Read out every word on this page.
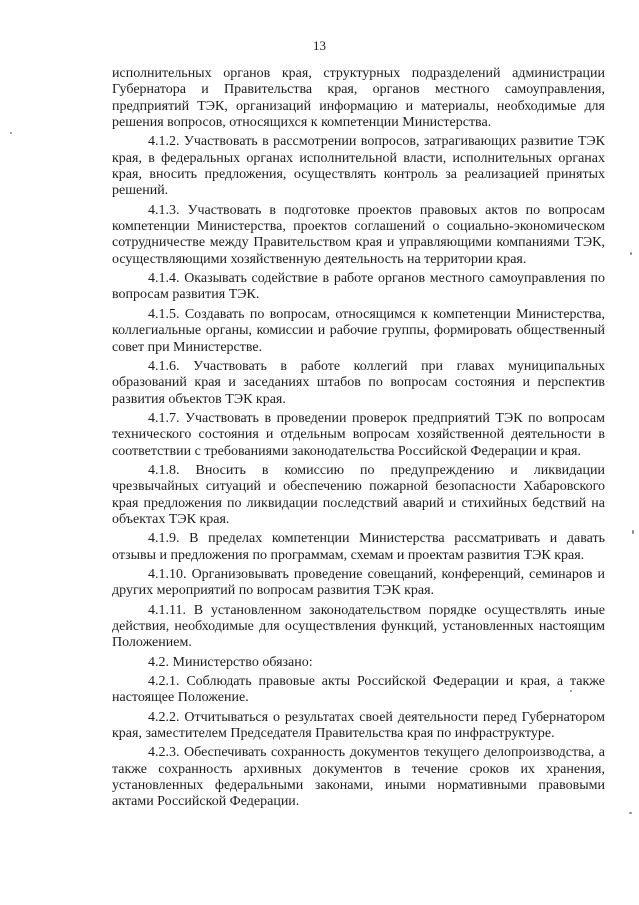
13

исполнительных органов края, структурных подразделений администрации Губернатора и Правительства края, органов местного самоуправления, предприятий ТЭК, организаций информацию и материалы, необходимые для решения вопросов, относящихся к компетенции Министерства.

4.1.2. Участвовать в рассмотрении вопросов, затрагивающих развитие ТЭК края, в федеральных органах исполнительной власти, исполнительных органах края, вносить предложения, осуществлять контроль за реализацией принятых решений.

4.1.3. Участвовать в подготовке проектов правовых актов по вопросам компетенции Министерства, проектов соглашений о социально-экономическом сотрудничестве между Правительством края и управляющими компаниями ТЭК, осуществляющими хозяйственную деятельность на территории края.

4.1.4. Оказывать содействие в работе органов местного самоуправления по вопросам развития ТЭК.

4.1.5. Создавать по вопросам, относящимся к компетенции Министерства, коллегиальные органы, комиссии и рабочие группы, формировать общественный совет при Министерстве.

4.1.6. Участвовать в работе коллегий при главах муниципальных образований края и заседаниях штабов по вопросам состояния и перспектив развития объектов ТЭК края.

4.1.7. Участвовать в проведении проверок предприятий ТЭК по вопросам технического состояния и отдельным вопросам хозяйственной деятельности в соответствии с требованиями законодательства Российской Федерации и края.

4.1.8. Вносить в комиссию по предупреждению и ликвидации чрезвычайных ситуаций и обеспечению пожарной безопасности Хабаровского края предложения по ликвидации последствий аварий и стихийных бедствий на объектах ТЭК края.

4.1.9. В пределах компетенции Министерства рассматривать и давать отзывы и предложения по программам, схемам и проектам развития ТЭК края.

4.1.10. Организовывать проведение совещаний, конференций, семинаров и других мероприятий по вопросам развития ТЭК края.

4.1.11. В установленном законодательством порядке осуществлять иные действия, необходимые для осуществления функций, установленных настоящим Положением.

4.2. Министерство обязано:

4.2.1. Соблюдать правовые акты Российской Федерации и края, а также настоящее Положение.

4.2.2. Отчитываться о результатах своей деятельности перед Губернатором края, заместителем Председателя Правительства края по инфраструктуре.

4.2.3. Обеспечивать сохранность документов текущего делопроизводства, а также сохранность архивных документов в течение сроков их хранения, установленных федеральными законами, иными нормативными правовыми актами Российской Федерации.
